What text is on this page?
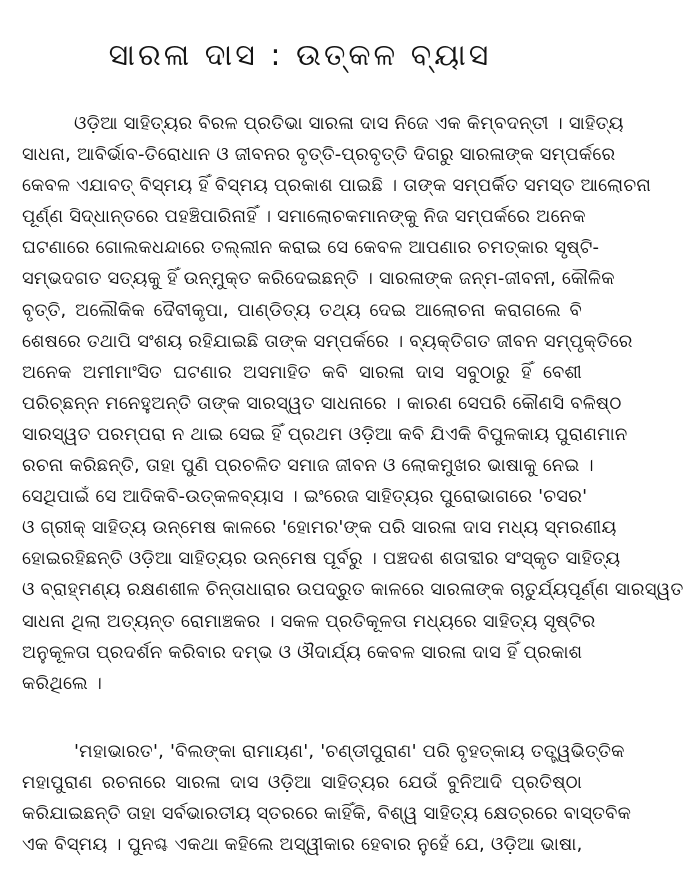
ସାରଳା ଦାସ : ଉତ୍କଳ ବ୍ୟାସ
ଓଡ଼ିଆ ସାହିତ୍ୟର ବିରଳ ପ୍ରତିଭା ସାରଳା ଦାସ ନିଜେ ଏକ କିମ୍ବଦନ୍ତୀ । ସାହିତ୍ୟ
ସାଧନା, ଆବିର୍ଭାବ-ତିରୋଧାନ ଓ ଜୀବନର ବୃତ୍ତି-ପ୍ରବୃତ୍ତି ଦିଗରୁ ସାରଳାଙ୍କ ସମ୍ପର୍କରେ
କେବଳ ଏଯାବତ୍ ବିସ୍ମୟ ହିଁ ବିସ୍ମୟ ପ୍ରକାଶ ପାଇଛି । ତାଙ୍କ ସମ୍ପର୍କିତ ସମସ୍ତ ଆଲୋଚନା
ପୂର୍ଣ୍ଣ ସିଦ୍ଧାନ୍ତରେ ପହଞ୍ଚିପାରିନାହିଁ । ସମାଲୋଚକମାନଙ୍କୁ ନିଜ ସମ୍ପର୍କରେ ଅନେକ
ଘଟଣାରେ ଗୋଲକଧନ୍ଦାରେ ତଲ୍ଲୀନ କରାଇ ସେ କେବଳ ଆପଣାର ଚମତ୍କାର ସୃଷ୍ଟି-
ସମ୍ଭଦଗତ ସତ୍ୟକୁ ହିଁ ଉନ୍ମୁକ୍ତ କରିଦେଇଛନ୍ତି । ସାରଳାଙ୍କ ଜନ୍ମ-ଜୀବନୀ, କୌଳିକ
ବୃତ୍ତି, ଅଲୌକିକ ଦୈବୀକୃପା, ପାଣ୍ଡିତ୍ୟ ତଥ୍ୟ ଦେଇ ଆଲୋଚନା କରାଗଲେ ବି
ଶେଷରେ ତଥାପି ସଂଶୟ ରହିଯାଇଛି ତାଙ୍କ ସମ୍ପର୍କରେ । ବ୍ୟକ୍ତିଗତ ଜୀବନ ସମ୍ପୃକ୍ତିରେ
ଅନେକ ଅମୀମାଂସିତ ଘଟଣାର ଅସମାହିତ କବି ସାରଳା ଦାସ ସବୁଠାରୁ ହିଁ ବେଶୀ
ପରିଚ୍ଛନ୍ନ ମନେହୁଅନ୍ତି ତାଙ୍କ ସାରସ୍ୱତ ସାଧନାରେ । କାରଣ ସେପରି କୌଣସି ବଳିଷ୍ଠ
ସାରସ୍ୱତ ପରମ୍ପରା ନ ଥାଇ ସେଇ ହିଁ ପ୍ରଥମ ଓଡ଼ିଆ କବି ଯିଏକି ବିପୁଳକାୟ ପୁରାଣମାନ
ରଚନା କରିଛନ୍ତି, ତାହା ପୁଣି ପ୍ରଚଳିତ ସମାଜ ଜୀବନ ଓ ଲୋକମୁଖର ଭାଷାକୁ ନେଇ ।
ସେଥିପାଇଁ ସେ ଆଦିକବି-ଉତ୍କଳବ୍ୟାସ । ଇଂରେଜ ସାହିତ୍ୟର ପୁରୋଭାଗରେ 'ଚସର'
ଓ ଗ୍ରୀକ୍ ସାହିତ୍ୟ ଉନ୍ମେଷ କାଳରେ 'ହୋମର'ଙ୍କ ପରି ସାରଳା ଦାସ ମଧ୍ୟ ସ୍ମରଣୀୟ
ହୋଇରହିଛନ୍ତି ଓଡ଼ିଆ ସାହିତ୍ୟର ଉନ୍ମେଷ ପୂର୍ବରୁ । ପଞ୍ଚଦଶ ଶତାବ୍ଦୀର ସଂସ୍କୃତ ସାହିତ୍ୟ
ଓ ବ୍ରାହ୍ମଣ୍ୟ ରକ୍ଷଣଶୀଳ ଚିନ୍ତାଧାରାର ଉପଦ୍ରୁତ କାଳରେ ସାରଳାଙ୍କ ଚାତୁର୍ଯ୍ୟପୂର୍ଣ୍ଣ ସାରସ୍ୱତ
ସାଧନା ଥିଲା ଅତ୍ୟନ୍ତ ରୋମାଞ୍ଚକର । ସକଳ ପ୍ରତିକୂଳତା ମଧ୍ୟରେ ସାହିତ୍ୟ ସୃଷ୍ଟିର
ଅନୁକୂଳତା ପ୍ରଦର୍ଶନ କରିବାର ଦମ୍ଭ ଓ ଔଦାର୍ଯ୍ୟ କେବଳ ସାରଳା ଦାସ ହିଁ ପ୍ରକାଶ
କରିଥିଲେ ।
'ମହାଭାରତ', 'ବିଲଙ୍କା ରାମାୟଣ', 'ଚଣ୍ଡୀପୁରାଣ' ପରି ବୃହତ୍କାୟ ତତ୍ତ୍ୱଭିତ୍ତିକ
ମହାପୁରାଣ ରଚନାରେ ସାରଳା ଦାସ ଓଡ଼ିଆ ସାହିତ୍ୟର ଯେଉଁ ବୁନିଆଦି ପ୍ରତିଷ୍ଠା
କରିଯାଇଛନ୍ତି ତାହା ସର୍ବଭାରତୀୟ ସ୍ତରରେ କାହିଁକି, ବିଶ୍ୱ ସାହିତ୍ୟ କ୍ଷେତ୍ରରେ ବାସ୍ତବିକ
ଏକ ବିସ୍ମୟ । ପୁନଶ୍ଚ ଏକଥା କହିଲେ ଅସ୍ୱୀକାର ହେବାର ନୁହେଁ ଯେ, ଓଡ଼ିଆ ଭାଷା,
